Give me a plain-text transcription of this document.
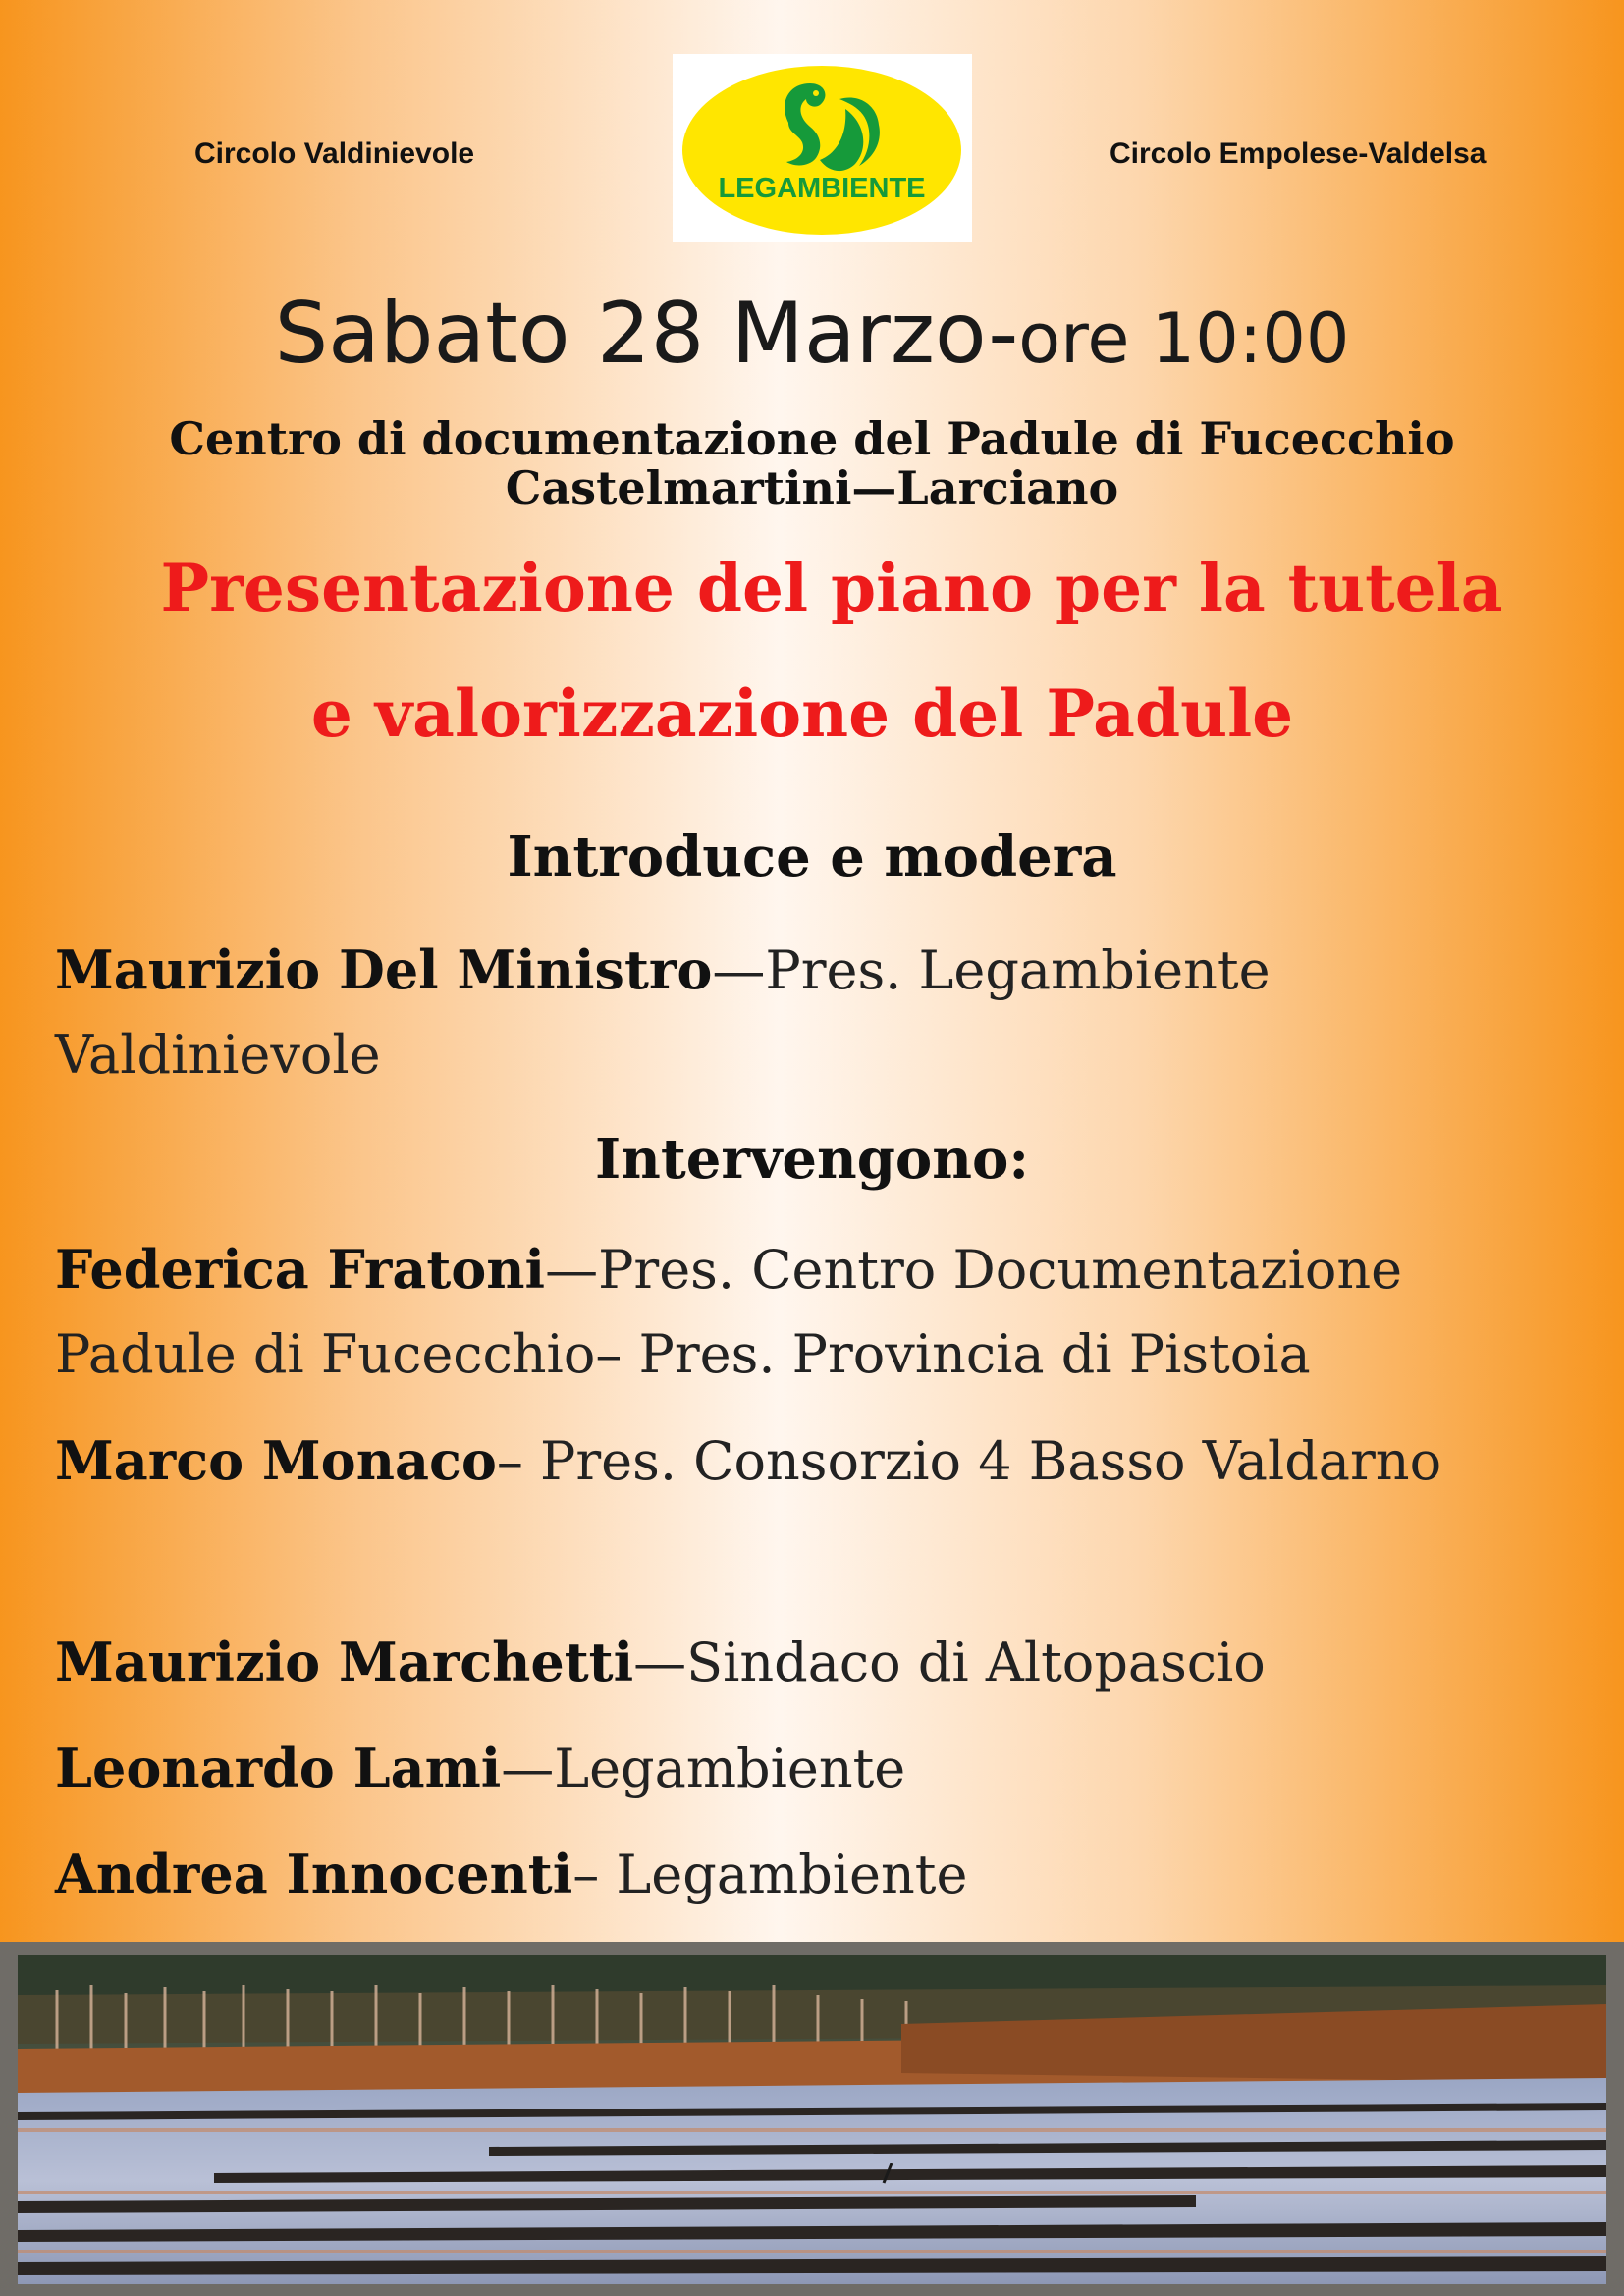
Circolo Valdinievole	Circolo Empolese-Valdelsa
LEGAMBIENTE
Sabato 28 Marzo-ore 10:00
Centro di documentazione del Padule di Fucecchio
Castelmartini—Larciano
Presentazione del piano per la tutela
e valorizzazione del Padule
Introduce e modera
Maurizio Del Ministro—Pres. Legambiente Valdinievole
Intervengono:
Federica Fratoni—Pres. Centro Documentazione Padule di Fucecchio– Pres. Provincia di Pistoia
Marco Monaco– Pres. Consorzio 4 Basso Valdarno
Maurizio Marchetti—Sindaco di Altopascio
Leonardo Lami—Legambiente
Andrea Innocenti– Legambiente
